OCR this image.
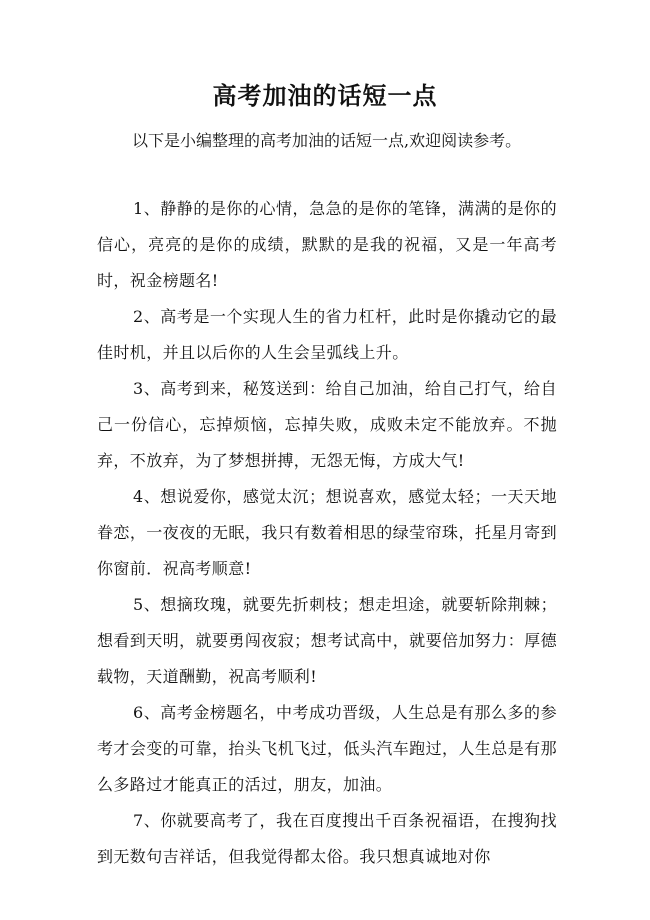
高考加油的话短一点
以下是小编整理的高考加油的话短一点,欢迎阅读参考。

1、静静的是你的心情，急急的是你的笔锋，满满的是你的信心，亮亮的是你的成绩，默默的是我的祝福，又是一年高考时，祝金榜题名!

2、高考是一个实现人生的省力杠杆，此时是你撬动它的最佳时机，并且以后你的人生会呈弧线上升。

3、高考到来，秘笈送到：给自己加油，给自己打气，给自己一份信心，忘掉烦恼，忘掉失败，成败未定不能放弃。不抛弃，不放弃，为了梦想拼搏，无怨无悔，方成大气!

4、想说爱你，感觉太沉；想说喜欢，感觉太轻；一天天地眷恋，一夜夜的无眠，我只有数着相思的绿莹帘珠，托星月寄到你窗前．祝高考顺意!

5、想摘玫瑰，就要先折刺枝；想走坦途，就要斩除荆棘；想看到天明，就要勇闯夜寂；想考试高中，就要倍加努力：厚德载物，天道酬勤，祝高考顺利!

6、高考金榜题名，中考成功晋级，人生总是有那么多的参考才会变的可靠，抬头飞机飞过，低头汽车跑过，人生总是有那么多路过才能真正的活过，朋友，加油。

7、你就要高考了，我在百度搜出千百条祝福语，在搜狗找到无数句吉祥话，但我觉得都太俗。我只想真诚地对你
